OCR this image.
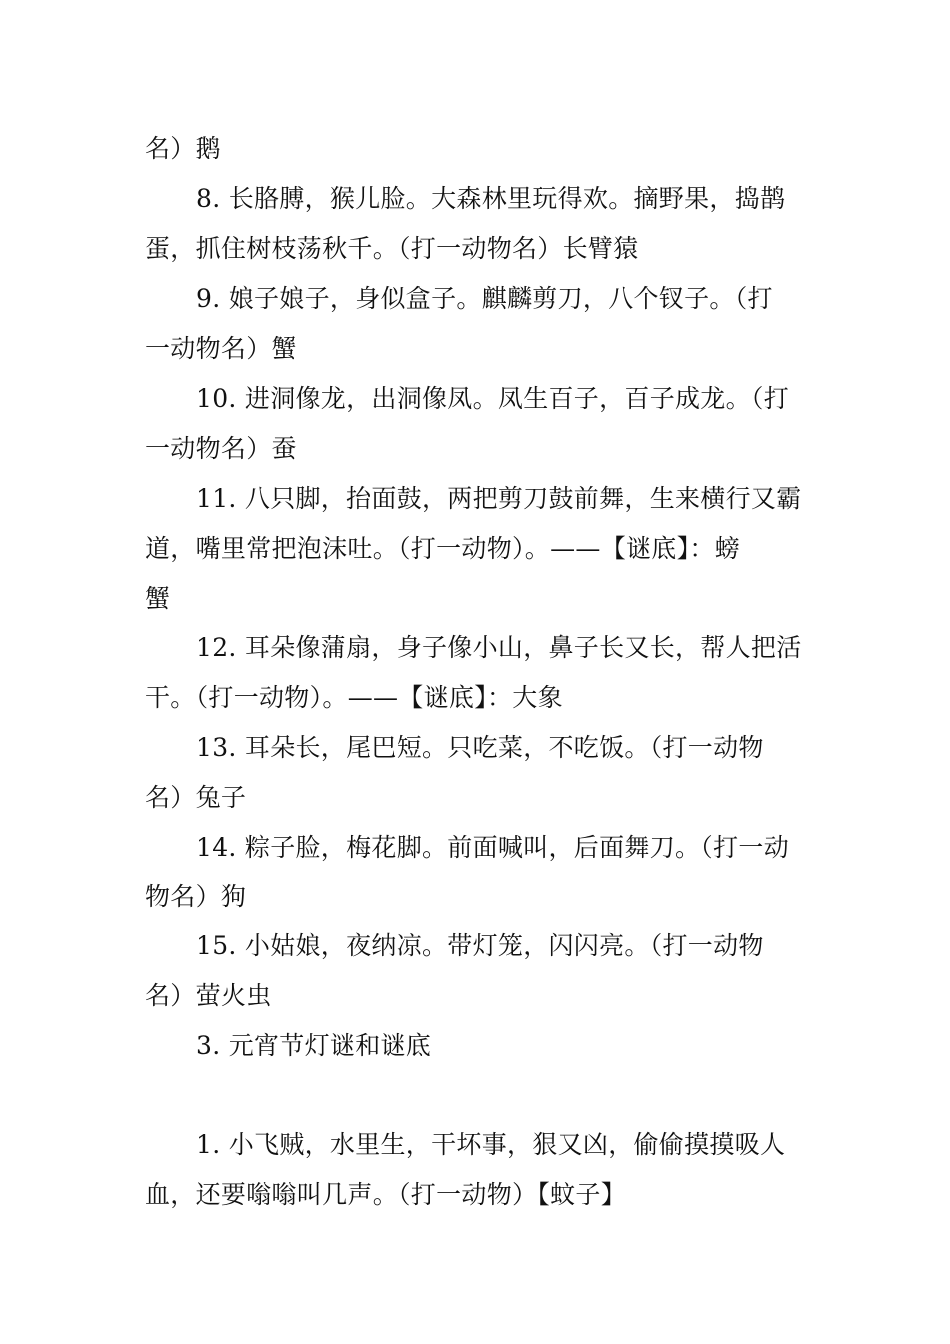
名）鹅
8. 长胳膊，猴儿脸。大森林里玩得欢。摘野果，捣鹊
蛋，抓住树枝荡秋千。（打一动物名）长臂猿
9. 娘子娘子，身似盒子。麒麟剪刀，八个钗子。（打
一动物名）蟹
10. 进洞像龙，出洞像凤。凤生百子，百子成龙。（打
一动物名）蚕
11. 八只脚，抬面鼓，两把剪刀鼓前舞，生来横行又霸
道，嘴里常把泡沫吐。（打一动物）。——【谜底】：螃
蟹
12. 耳朵像蒲扇，身子像小山，鼻子长又长，帮人把活
干。（打一动物）。——【谜底】：大象
13. 耳朵长，尾巴短。只吃菜，不吃饭。（打一动物
名）兔子
14. 粽子脸，梅花脚。前面喊叫，后面舞刀。（打一动
物名）狗
15. 小姑娘，夜纳凉。带灯笼，闪闪亮。（打一动物
名）萤火虫
3. 元宵节灯谜和谜底
1. 小飞贼，水里生，干坏事，狠又凶，偷偷摸摸吸人
血，还要嗡嗡叫几声。（打一动物）【蚊子】
